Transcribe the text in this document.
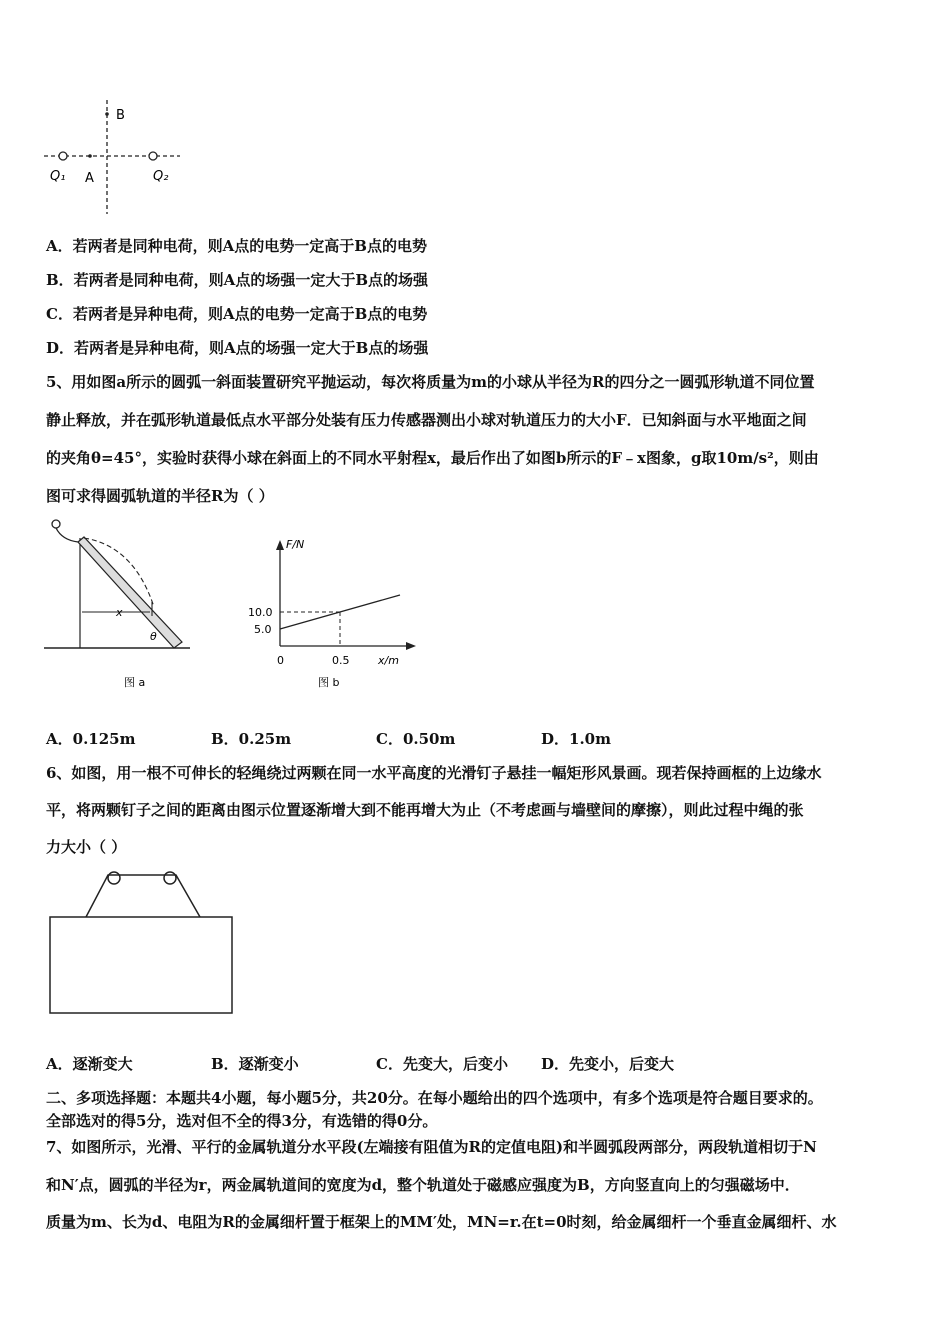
B
A
Q₁	Q₂
A．若两者是同种电荷，则A点的电势一定高于B点的电势
B．若两者是同种电荷，则A点的场强一定大于B点的场强
C．若两者是异种电荷，则A点的电势一定高于B点的电势
D．若两者是异种电荷，则A点的场强一定大于B点的场强
5、用如图a所示的圆弧一斜面装置研究平抛运动，每次将质量为m的小球从半径为R的四分之一圆弧形轨道不同位置
静止释放，并在弧形轨道最低点水平部分处装有压力传感器测出小球对轨道压力的大小F．已知斜面与水平地面之间
的夹角θ=45°，实验时获得小球在斜面上的不同水平射程x，最后作出了如图b所示的F﹣x图象，g取10m/s²，则由
图可求得圆弧轨道的半径R为（ ）
x
θ
图 a
F/N
x/m
0	0.5
5.0
10.0
图 b
A．0.125m	B．0.25m	C．0.50m	D．1.0m
6、如图，用一根不可伸长的轻绳绕过两颗在同一水平高度的光滑钉子悬挂一幅矩形风景画。现若保持画框的上边缘水
平，将两颗钉子之间的距离由图示位置逐渐增大到不能再增大为止（不考虑画与墙壁间的摩擦），则此过程中绳的张
力大小（ ）
A．逐渐变大	B．逐渐变小	C．先变大，后变小 D．先变小，后变大
二、多项选择题：本题共4小题，每小题5分，共20分。在每小题给出的四个选项中，有多个选项是符合题目要求的。
全部选对的得5分，选对但不全的得3分，有选错的得0分。
7、如图所示，光滑、平行的金属轨道分水平段(左端接有阻值为R的定值电阻)和半圆弧段两部分，两段轨道相切于N
和N′点，圆弧的半径为r，两金属轨道间的宽度为d，整个轨道处于磁感应强度为B，方向竖直向上的匀强磁场中．
质量为m、长为d、电阻为R的金属细杆置于框架上的MM′处，MN=r.在t=0时刻，给金属细杆一个垂直金属细杆、水
